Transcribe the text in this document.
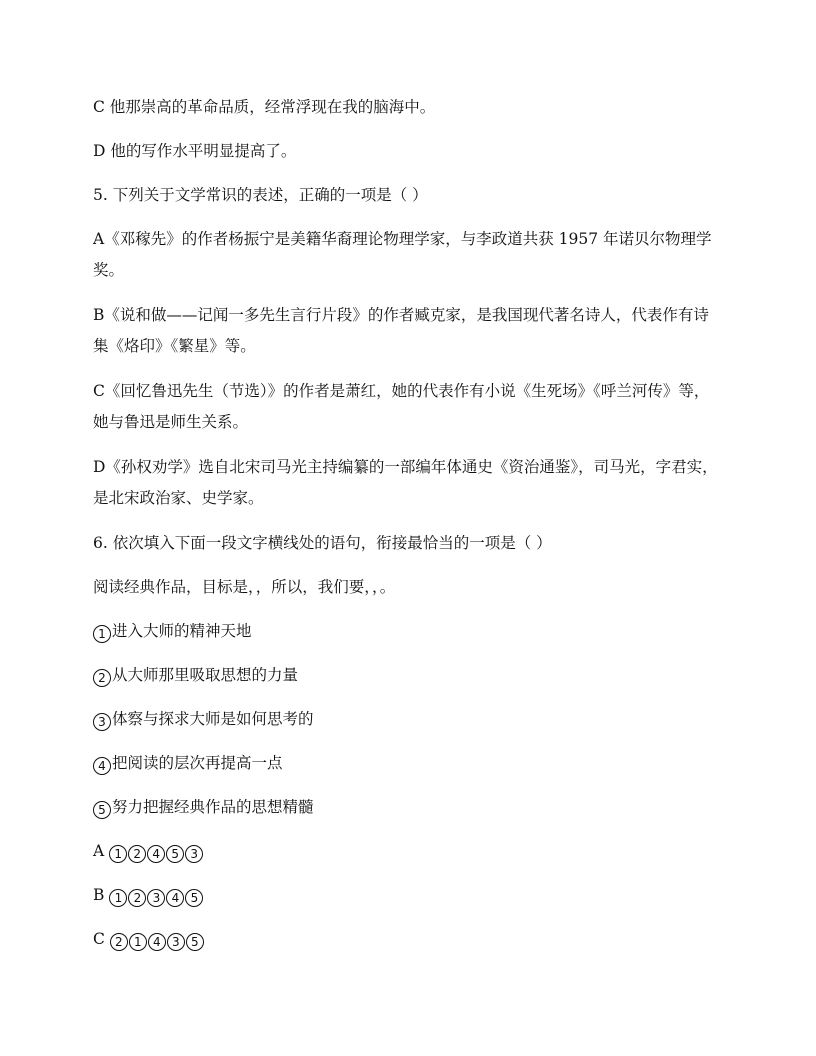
C 他那崇高的革命品质，经常浮现在我的脑海中。

D 他的写作水平明显提高了。

5. 下列关于文学常识的表述，正确的一项是（ ）

A《邓稼先》的作者杨振宁是美籍华裔理论物理学家，与李政道共获 1957 年诺贝尔物理学奖。

B《说和做——记闻一多先生言行片段》的作者臧克家，是我国现代著名诗人，代表作有诗集《烙印》《繁星》等。

C《回忆鲁迅先生（节选）》的作者是萧红，她的代表作有小说《生死场》《呼兰河传》等，她与鲁迅是师生关系。

D《孙权劝学》选自北宋司马光主持编纂的一部编年体通史《资治通鉴》，司马光，字君实，是北宋政治家、史学家。

6. 依次填入下面一段文字横线处的语句，衔接最恰当的一项是（ ）

阅读经典作品，目标是，，所以，我们要，，。

1 进入大师的精神天地

2 从大师那里吸取思想的力量

3 体察与探求大师是如何思考的

4 把阅读的层次再提高一点

5 努力把握经典作品的思想精髓

A 1 2 4 5 3

B 1 2 3 4 5

C 2 1 4 3 5
